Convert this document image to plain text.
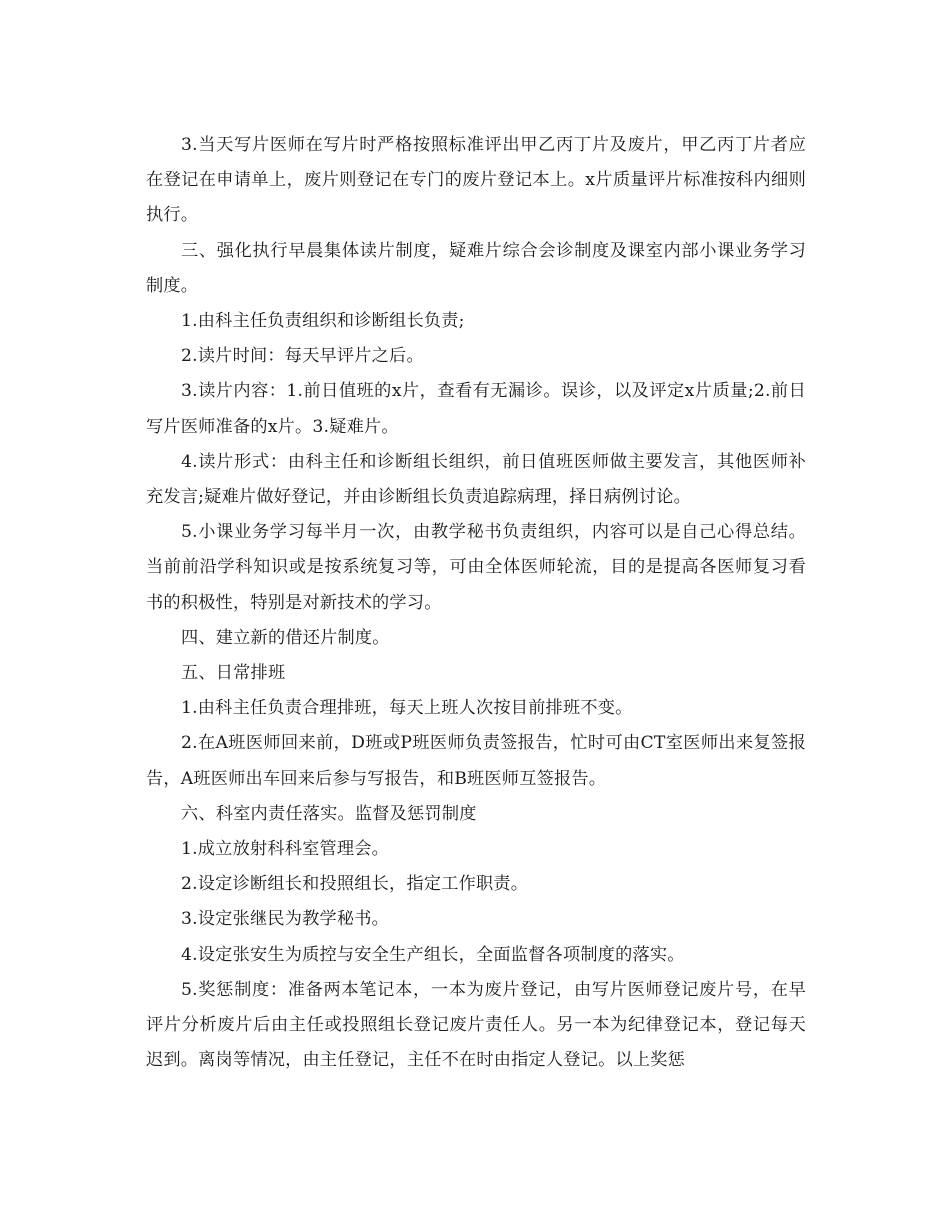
3.当天写片医师在写片时严格按照标准评出甲乙丙丁片及废片，甲乙丙丁片者应在登记在申请单上，废片则登记在专门的废片登记本上。x片质量评片标准按科内细则执行。

三、强化执行早晨集体读片制度，疑难片综合会诊制度及课室内部小课业务学习制度。

1.由科主任负责组织和诊断组长负责;

2.读片时间：每天早评片之后。

3.读片内容：1.前日值班的x片，查看有无漏诊。误诊，以及评定x片质量;2.前日写片医师准备的x片。3.疑难片。

4.读片形式：由科主任和诊断组长组织，前日值班医师做主要发言，其他医师补充发言;疑难片做好登记，并由诊断组长负责追踪病理，择日病例讨论。

5.小课业务学习每半月一次，由教学秘书负责组织，内容可以是自己心得总结。当前前沿学科知识或是按系统复习等，可由全体医师轮流，目的是提高各医师复习看书的积极性，特别是对新技术的学习。

四、建立新的借还片制度。

五、日常排班

1.由科主任负责合理排班，每天上班人次按目前排班不变。

2.在A班医师回来前，D班或P班医师负责签报告，忙时可由CT室医师出来复签报告，A班医师出车回来后参与写报告，和B班医师互签报告。

六、科室内责任落实。监督及惩罚制度

1.成立放射科科室管理会。

2.设定诊断组长和投照组长，指定工作职责。

3.设定张继民为教学秘书。

4.设定张安生为质控与安全生产组长，全面监督各项制度的落实。

5.奖惩制度：准备两本笔记本，一本为废片登记，由写片医师登记废片号，在早评片分析废片后由主任或投照组长登记废片责任人。另一本为纪律登记本，登记每天迟到。离岗等情况，由主任登记，主任不在时由指定人登记。以上奖惩
